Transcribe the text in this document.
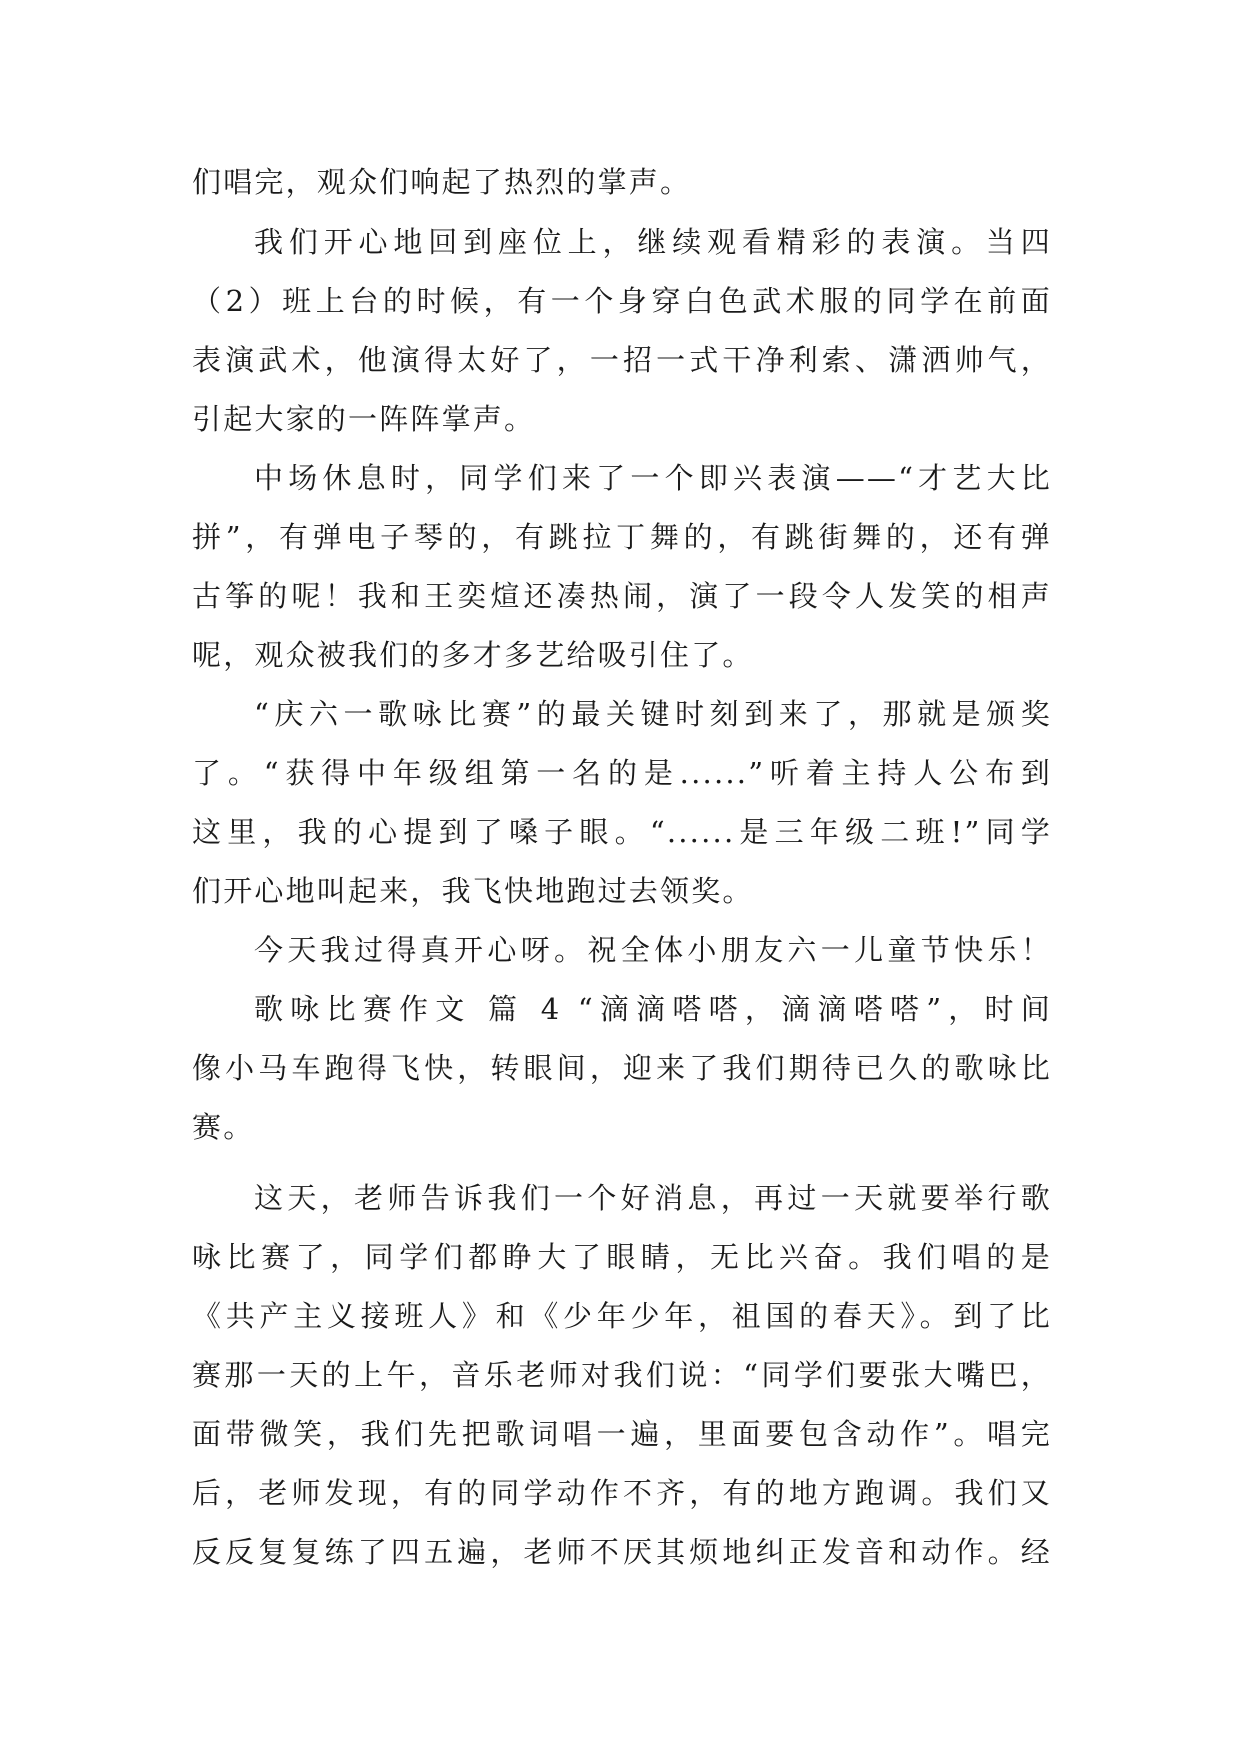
们唱完，观众们响起了热烈的掌声。
我们开心地回到座位上，继续观看精彩的表演。当四
（2）班上台的时候，有一个身穿白色武术服的同学在前面
表演武术，他演得太好了，一招一式干净利索、潇洒帅气，
引起大家的一阵阵掌声。
中场休息时，同学们来了一个即兴表演——“才艺大比
拼”，有弹电子琴的，有跳拉丁舞的，有跳街舞的，还有弹
古筝的呢！我和王奕煊还凑热闹，演了一段令人发笑的相声
呢，观众被我们的多才多艺给吸引住了。
“庆六一歌咏比赛”的最关键时刻到来了，那就是颁奖
了。“获得中年级组第一名的是......”听着主持人公布到
这里，我的心提到了嗓子眼。“......是三年级二班!”同学
们开心地叫起来，我飞快地跑过去领奖。
今天我过得真开心呀。祝全体小朋友六一儿童节快乐！
歌咏比赛作文 篇 4 “滴滴嗒嗒，滴滴嗒嗒”，时间
像小马车跑得飞快，转眼间，迎来了我们期待已久的歌咏比
赛。
这天，老师告诉我们一个好消息，再过一天就要举行歌
咏比赛了，同学们都睁大了眼睛，无比兴奋。我们唱的是
《共产主义接班人》和《少年少年，祖国的春天》。到了比
赛那一天的上午，音乐老师对我们说：“同学们要张大嘴巴，
面带微笑，我们先把歌词唱一遍，里面要包含动作”。唱完
后，老师发现，有的同学动作不齐，有的地方跑调。我们又
反反复复练了四五遍，老师不厌其烦地纠正发音和动作。经
